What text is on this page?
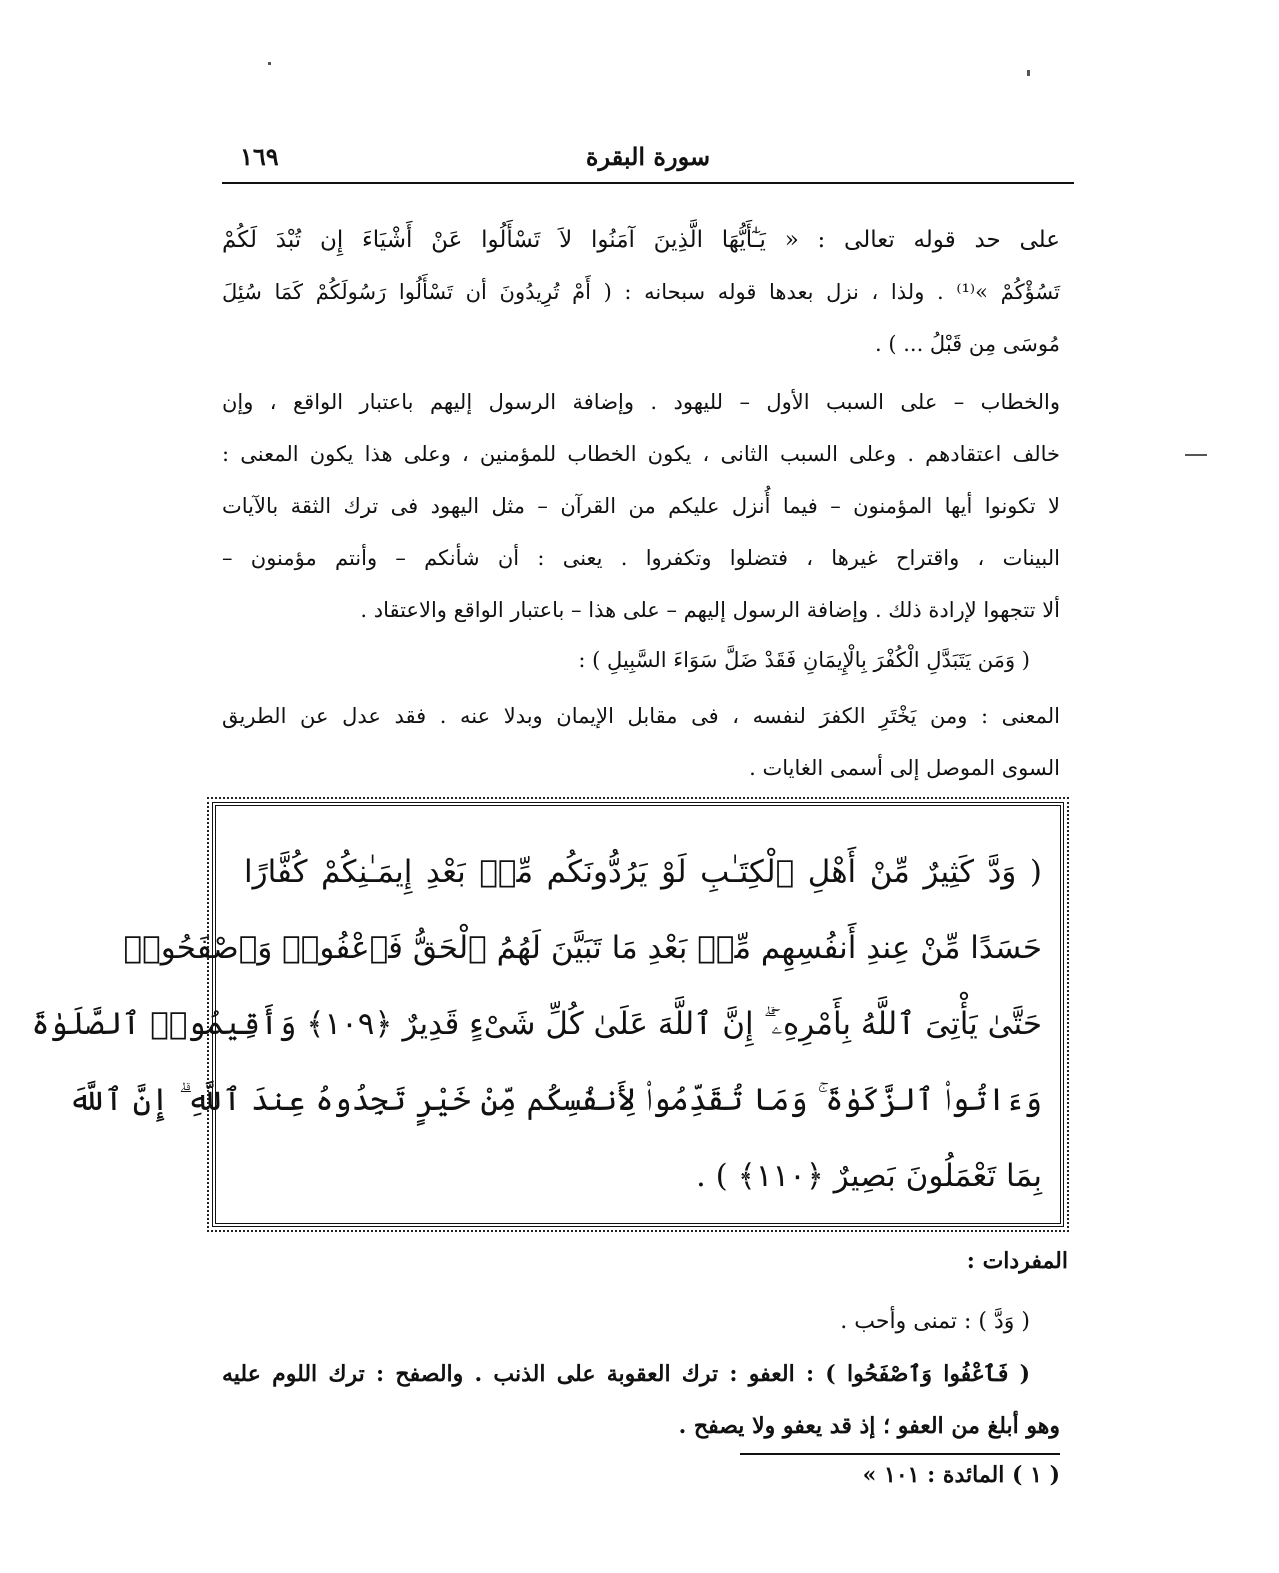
سورة البقرة
١٦٩
على حد قوله تعالى : « يَـٰٓأَيُّهَا الَّذِينَ آمَنُوا لاَ تَسْأَلُوا عَنْ أَشْيَاءَ إِن تُبْدَ لَكُمْ
تَسُؤْكُمْ »⁽¹⁾ . ولذا ، نزل بعدها قوله سبحانه : ( أَمْ تُرِيدُونَ أن تَسْأَلُوا رَسُولَكُمْ كَمَا سُئِلَ
مُوسَى مِن قَبْلُ ... ) .
والخطاب – على السبب الأول – لليهود . وإضافة الرسول إليهم باعتبار الواقع ، وإن
خالف اعتقادهم . وعلى السبب الثانى ، يكون الخطاب للمؤمنين ، وعلى هذا يكون المعنى :
لا تكونوا أيها المؤمنون – فيما أُنزل عليكم من القرآن – مثل اليهود فى ترك الثقة بالآيات
البينات ، واقتراح غيرها ، فتضلوا وتكفروا . يعنى : أن شأنكم – وأنتم مؤمنون –
ألا تتجهوا لإرادة ذلك . وإضافة الرسول إليهم – على هذا – باعتبار الواقع والاعتقاد .
( وَمَن يَتَبَدَّلِ الْكُفْرَ بِالْإِيمَانِ فَقَدْ ضَلَّ سَوَاءَ السَّبِيلِ ) :
المعنى : ومن يَخْتَرِ الكفرَ لنفسه ، فى مقابل الإيمان وبدلا عنه . فقد عدل عن الطريق
السوى الموصل إلى أسمى الغايات .
( وَدَّ كَثِيرٌ مِّنْ أَهْلِ ٱلْكِتَـٰبِ لَوْ يَرُدُّونَكُم مِّنۢ بَعْدِ إِيمَـٰنِكُمْ كُفَّارًا
حَسَدًا مِّنْ عِندِ أَنفُسِهِم مِّنۢ بَعْدِ مَا تَبَيَّنَ لَهُمُ ٱلْحَقُّ فَٱعْفُوا۟ وَٱصْفَحُوا۟
حَتَّىٰ يَأْتِىَ ٱللَّهُ بِأَمْرِهِۦٓ ۗ إِنَّ ٱللَّهَ عَلَىٰ كُلِّ شَىْءٍ قَدِيرٌ ﴿١٠٩﴾ وَأَقِيمُوا۟ ٱلصَّلَوٰةَ
وَءَاتُوا۟ ٱلزَّكَوٰةَ ۚ وَمَا تُقَدِّمُوا۟ لِأَنفُسِكُم مِّنْ خَيْرٍ تَجِدُوهُ عِندَ ٱللَّهِ ۗ إِنَّ ٱللَّهَ
بِمَا تَعْمَلُونَ بَصِيرٌ ﴿١١٠﴾ ) .
المفردات :
( وَدَّ ) : تمنى وأحب .
( فَٱعْفُوا وَٱصْفَحُوا ) : العفو : ترك العقوبة على الذنب . والصفح : ترك اللوم عليه
وهو أبلغ من العفو ؛ إذ قد يعفو ولا يصفح .
( ١ ) المائدة : ١٠١ »
